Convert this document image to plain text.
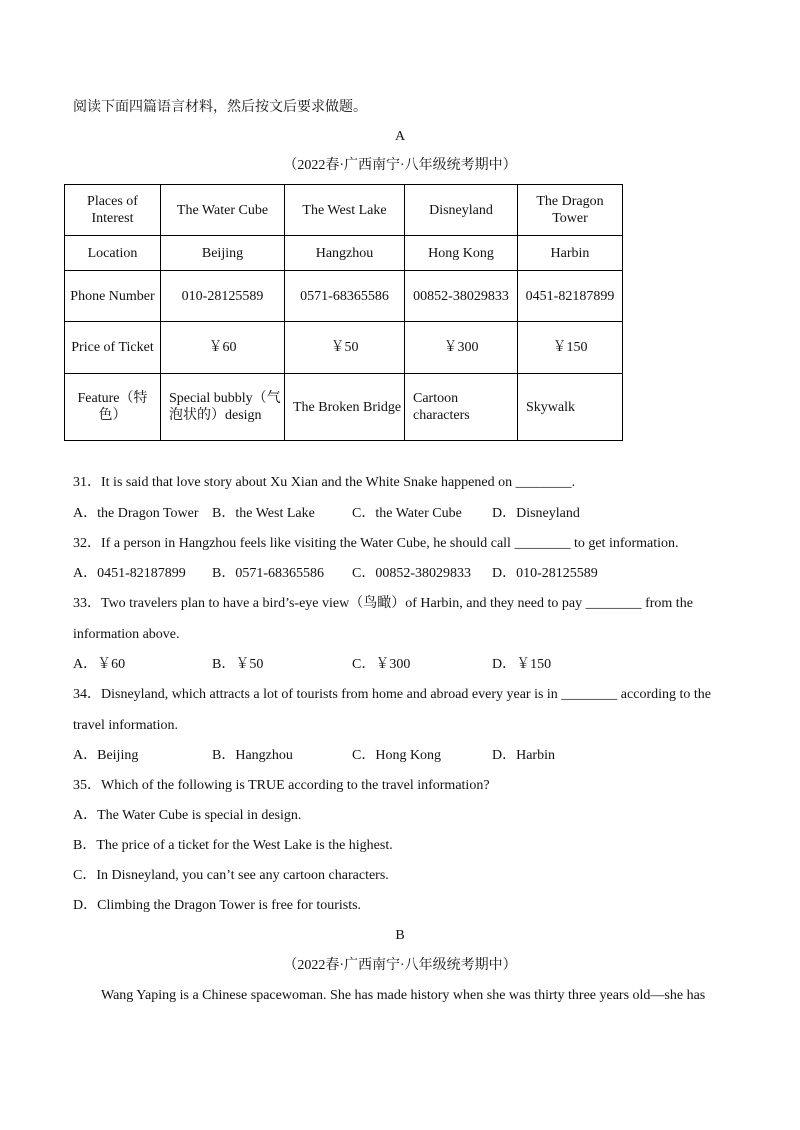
阅读下面四篇语言材料，然后按文后要求做题。
A
（2022春·广西南宁·八年级统考期中）
Places of Interest	The Water Cube	The West Lake	Disneyland	The Dragon Tower
Location	Beijing	Hangzhou	Hong Kong	Harbin
Phone Number	010-28125589	0571-68365586	00852-38029833	0451-82187899
Price of Ticket	￥60	￥50	￥300	￥150
Feature（特色）	Special bubbly（气泡状的）design	The Broken Bridge	Cartoon characters	Skywalk
31．It is said that love story about Xu Xian and the White Snake happened on ________.
A．the Dragon Tower B．the West Lake	C．the Water Cube D．Disneyland
32．If a person in Hangzhou feels like visiting the Water Cube, he should call ________ to get information.
A．0451-82187899 B．0571-68365586 C．00852-38029833 D．010-28125589
33．Two travelers plan to have a bird’s-eye view（鸟瞰）of Harbin, and they need to pay ________ from the
information above.
A．￥60	B．￥50	C．￥300	D．￥150
34．Disneyland, which attracts a lot of tourists from home and abroad every year is in ________ according to the
travel information.
A．Beijing	B．Hangzhou	C．Hong Kong	D．Harbin
35．Which of the following is TRUE according to the travel information?
A．The Water Cube is special in design.
B．The price of a ticket for the West Lake is the highest.
C．In Disneyland, you can’t see any cartoon characters.
D．Climbing the Dragon Tower is free for tourists.
B
（2022春·广西南宁·八年级统考期中）
Wang Yaping is a Chinese spacewoman. She has made history when she was thirty three years old—she has
